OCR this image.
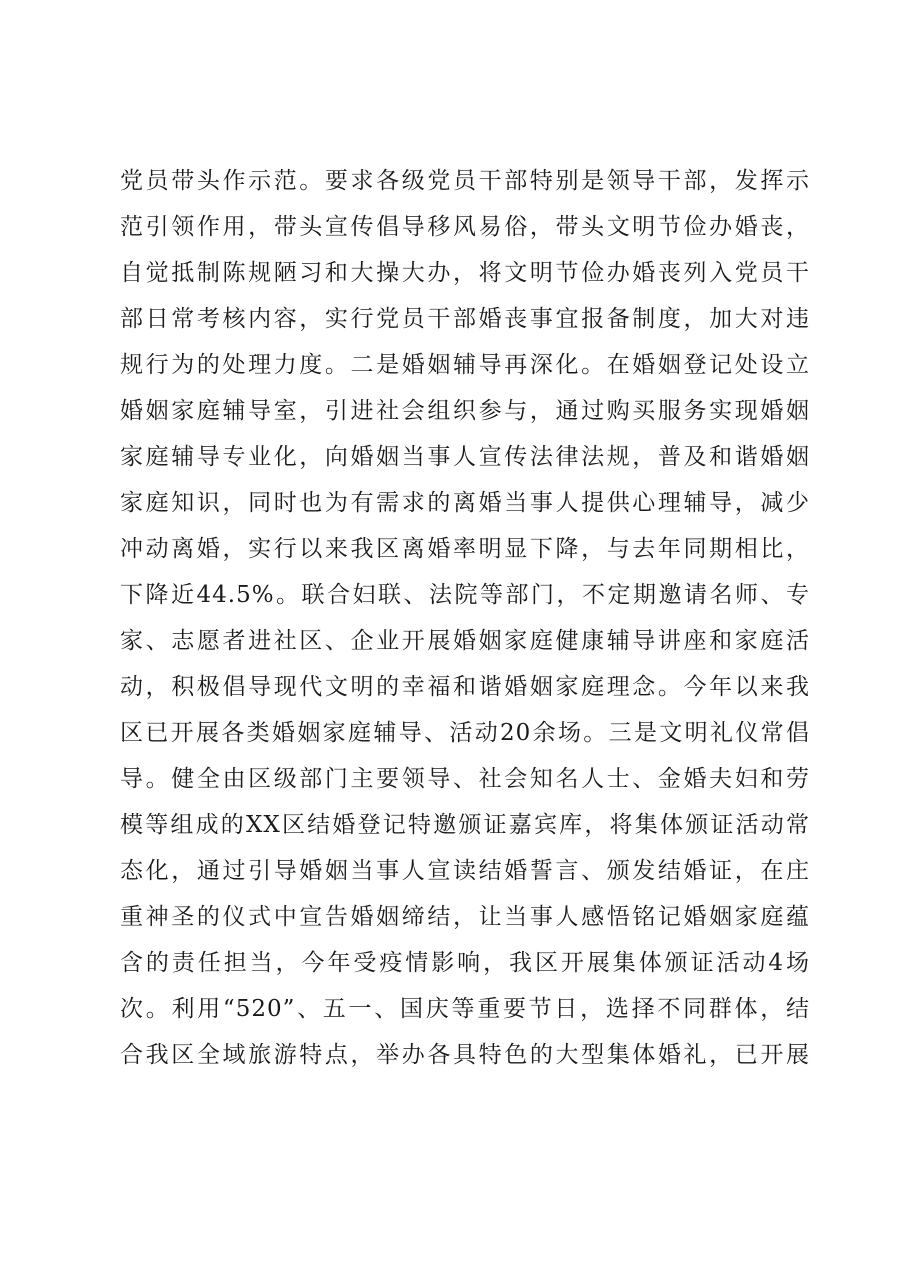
党员带头作示范。要求各级党员干部特别是领导干部，发挥示
范引领作用，带头宣传倡导移风易俗，带头文明节俭办婚丧，
自觉抵制陈规陋习和大操大办，将文明节俭办婚丧列入党员干
部日常考核内容，实行党员干部婚丧事宜报备制度，加大对违
规行为的处理力度。二是婚姻辅导再深化。在婚姻登记处设立
婚姻家庭辅导室，引进社会组织参与，通过购买服务实现婚姻
家庭辅导专业化，向婚姻当事人宣传法律法规，普及和谐婚姻
家庭知识，同时也为有需求的离婚当事人提供心理辅导，减少
冲动离婚，实行以来我区离婚率明显下降，与去年同期相比，
下降近44.5%。联合妇联、法院等部门，不定期邀请名师、专
家、志愿者进社区、企业开展婚姻家庭健康辅导讲座和家庭活
动，积极倡导现代文明的幸福和谐婚姻家庭理念。今年以来我
区已开展各类婚姻家庭辅导、活动20余场。三是文明礼仪常倡
导。健全由区级部门主要领导、社会知名人士、金婚夫妇和劳
模等组成的XX区结婚登记特邀颁证嘉宾库，将集体颁证活动常
态化，通过引导婚姻当事人宣读结婚誓言、颁发结婚证，在庄
重神圣的仪式中宣告婚姻缔结，让当事人感悟铭记婚姻家庭蕴
含的责任担当，今年受疫情影响，我区开展集体颁证活动4场
次。利用“520”、五一、国庆等重要节日，选择不同群体，结
合我区全域旅游特点，举办各具特色的大型集体婚礼，已开展
